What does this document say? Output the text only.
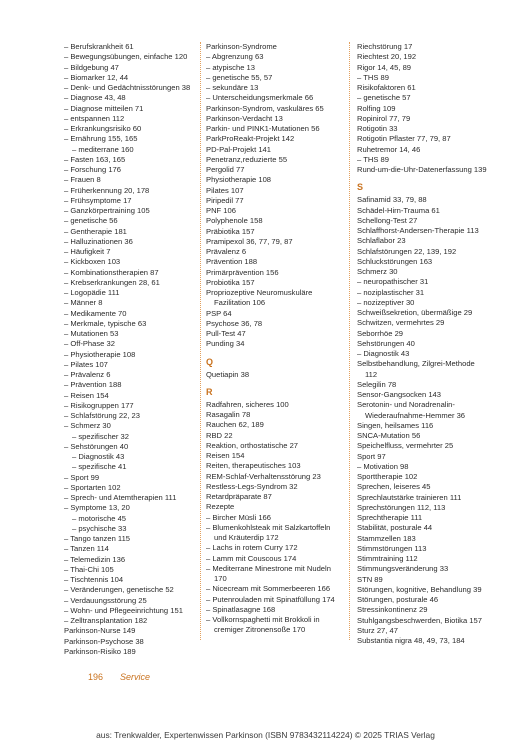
– Berufskrankheit 61
– Bewegungsübungen, einfache 120
– Bildgebung 47
– Biomarker 12, 44
– Denk- und Gedächtnisstörungen 38
– Diagnose 43, 48
– Diagnose mitteilen 71
– entspannen 112
– Erkrankungsrisiko 60
– Ernährung 155, 165
– mediterrane 160
– Fasten 163, 165
– Forschung 176
– Frauen 8
– Früherkennung 20, 178
– Frühsymptome 17
– Ganzkörpertraining 105
– genetische 56
– Gentherapie 181
– Halluzinationen 36
– Häufigkeit 7
– Kickboxen 103
– Kombinationstherapien 87
– Krebserkrankungen 28, 61
– Logopädie 111
– Männer 8
– Medikamente 70
– Merkmale, typische 63
– Mutationen 53
– Off-Phase 32
– Physiotherapie 108
– Pilates 107
– Prävalenz 6
– Prävention 188
– Reisen 154
– Risikogruppen 177
– Schlafstörung 22, 23
– Schmerz 30
– spezifischer 32
– Sehstörungen 40
– Diagnostik 43
– spezifische 41
– Sport 99
– Sportarten 102
– Sprech- und Atemtherapien 111
– Symptome 13, 20
– motorische 45
– psychische 33
– Tango tanzen 115
– Tanzen 114
– Telemedizin 136
– Thai-Chi 105
– Tischtennis 104
– Veränderungen, genetische 52
– Verdauungsstörung 25
– Wohn- und Pflegeeinrichtung 151
– Zelltransplantation 182
Parkinson-Nurse 149
Parkinson-Psychose 38
Parkinson-Risiko 189
Parkinson-Syndrome
– Abgrenzung 63
– atypische 13
– genetische 55, 57
– sekundäre 13
– Unterscheidungsmerkmale 66
Parkinson-Syndrom, vaskuläres 65
Parkinson-Verdacht 13
Parkin- und PINK1-Mutationen 56
ParkProReakt-Projekt 142
PD-Pal-Projekt 141
Penetranz,reduzierte 55
Pergolid 77
Physiotherapie 108
Pilates 107
Piripedil 77
PNF 106
Polyphenole 158
Präbiotika 157
Pramipexol 36, 77, 79, 87
Prävalenz 6
Prävention 188
Primärprävention 156
Probiotika 157
Propriozeptive Neuromuskuläre Fazilitation 106
PSP 64
Psychose 36, 78
Pull-Test 47
Punding 34
Q
Quetiapin 38
R
Radfahren, sicheres 100
Rasagalin 78
Rauchen 62, 189
RBD 22
Reaktion, orthostatische 27
Reisen 154
Reiten, therapeutisches 103
REM-Schlaf-Verhaltensstörung 23
Restless-Legs-Syndrom 32
Retardpräparate 87
Rezepte
– Bircher Müsli 166
– Blumenkohlsteak mit Salzkartoffeln und Kräuterdip 172
– Lachs in rotem Curry 172
– Lamm mit Couscous 174
– Mediterrane Minestrone mit Nudeln 170
– Nicecream mit Sommerbeeren 166
– Putenrouladen mit Spinatfüllung 174
– Spinatlasagne 168
– Vollkornspaghetti mit Brokkoli in cremiger Zitronensoße 170
Riechstörung 17
Riechtest 20, 192
Rigor 14, 45, 89
– THS 89
Risikofaktoren 61
– genetische 57
Rolfing 109
Ropinirol 77, 79
Rotigotin 33
Rotigotin Pflaster 77, 79, 87
Ruhetremor 14, 46
– THS 89
Rund-um-die-Uhr-Datenerfassung 139
S
Safinamid 33, 79, 88
Schädel-Hirn-Trauma 61
Schellong-Test 27
Schlaffhorst-Andersen-Therapie 113
Schlaflabor 23
Schlafstörungen 22, 139, 192
Schluckstörungen 163
Schmerz 30
– neuropathischer 31
– noziplastischer 31
– nozizeptiver 30
Schweißsekretion, übermäßige 29
Schwitzen, vermehrtes 29
Seborrhöe 29
Sehstörungen 40
– Diagnostik 43
Selbstbehandlung, Zilgrei-Methode 112
Selegilin 78
Sensor-Gangsocken 143
Serotonin- und Noradrenalin-Wiederaufnahme-Hemmer 36
Singen, heilsames 116
SNCA-Mutation 56
Speichelfluss, vermehrter 25
Sport 97
– Motivation 98
Sporttherapie 102
Sprechen, leiseres 45
Sprechlautstärke trainieren 111
Sprechstörungen 112, 113
Sprechtherapie 111
Stabilität, posturale 44
Stammzellen 183
Stimmstörungen 113
Stimmtraining 112
Stimmungsveränderung 33
STN 89
Störungen, kognitive, Behandlung 39
Störungen, posturale 46
Stressinkontinenz 29
Stuhlgangsbeschwerden, Biotika 157
Sturz 27, 47
Substantia nigra 48, 49, 73, 184
196 Service
aus: Trenkwalder, Expertenwissen Parkinson (ISBN 9783432114224) © 2025 TRIAS Verlag
